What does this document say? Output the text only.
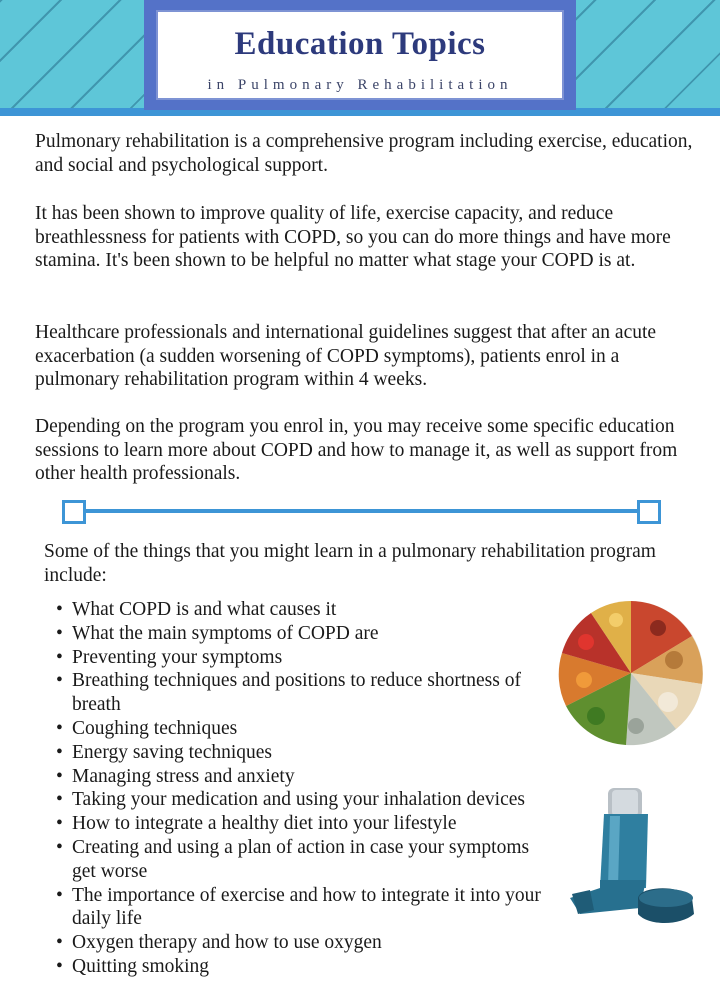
Education Topics
in Pulmonary Rehabilitation

Pulmonary rehabilitation is a comprehensive program including exercise, education, and social and psychological support.

It has been shown to improve quality of life, exercise capacity, and reduce breathlessness for patients with COPD, so you can do more things and have more stamina. It's been shown to be helpful no matter what stage your COPD is at.

Healthcare professionals and international guidelines suggest that after an acute exacerbation (a sudden worsening of COPD symptoms), patients enrol in a pulmonary rehabilitation program within 4 weeks.

Depending on the program you enrol in, you may receive some specific education sessions to learn more about COPD and how to manage it, as well as support from other health professionals.

Some of the things that you might learn in a pulmonary rehabilitation program include:

• What COPD is and what causes it
• What the main symptoms of COPD are
• Preventing your symptoms
• Breathing techniques and positions to reduce shortness of breath
• Coughing techniques
• Energy saving techniques
• Managing stress and anxiety
• Taking your medication and using your inhalation devices
• How to integrate a healthy diet into your lifestyle
• Creating and using a plan of action in case your symptoms get worse
• The importance of exercise and how to integrate it into your daily life
• Oxygen therapy and how to use oxygen
• Quitting smoking
